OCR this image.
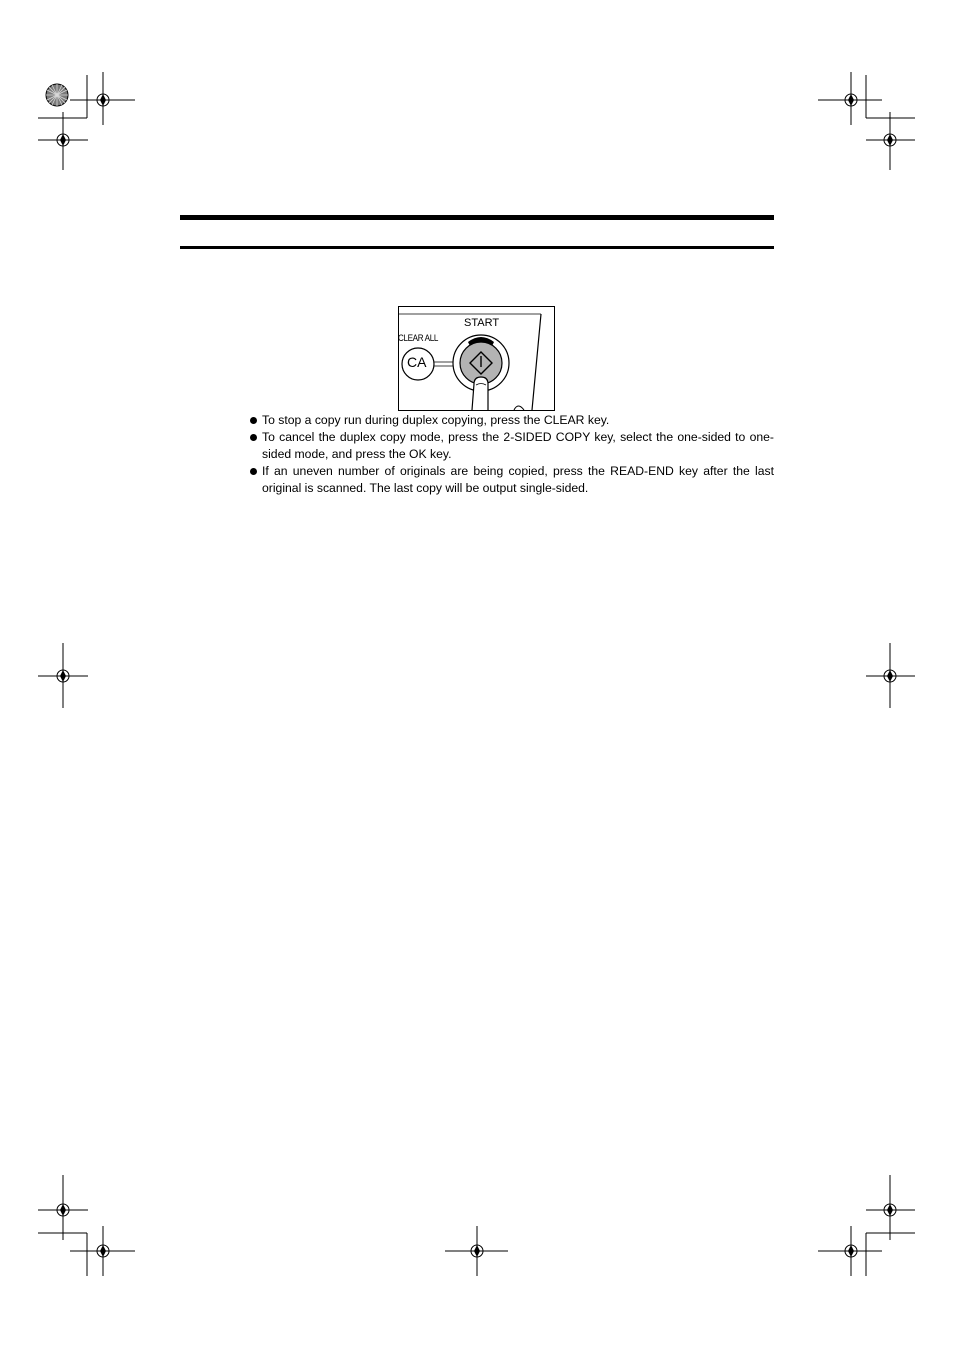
START
CLEAR ALL
CA
To stop a copy run during duplex copying, press the CLEAR key.
To cancel the duplex copy mode, press the 2-SIDED COPY key, select the one-sided to one-sided mode, and press the OK key.
If an uneven number of originals are being copied, press the READ-END key after the last original is scanned. The last copy will be output single-sided.
